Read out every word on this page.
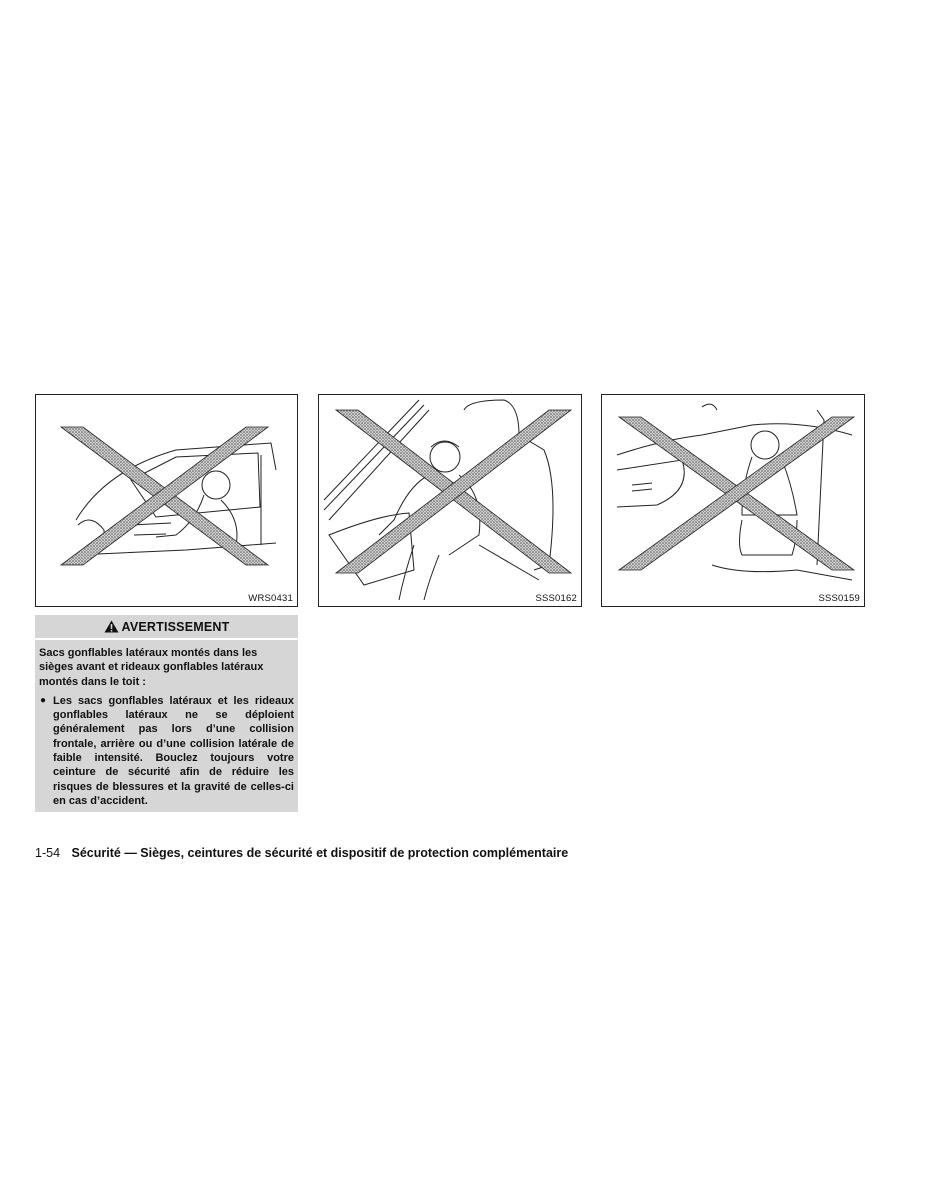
WRS0431	SSS0162	SSS0159
AVERTISSEMENT

Sacs gonflables latéraux montés dans les sièges avant et rideaux gonflables latéraux montés dans le toit :

● Les sacs gonflables latéraux et les rideaux gonflables latéraux ne se déploient généralement pas lors d’une collision frontale, arrière ou d’une collision latérale de faible intensité. Bouclez toujours votre ceinture de sécurité afin de réduire les risques de blessures et la gravité de celles-ci en cas d’accident.
1-54 Sécurité — Sièges, ceintures de sécurité et dispositif de protection complémentaire
